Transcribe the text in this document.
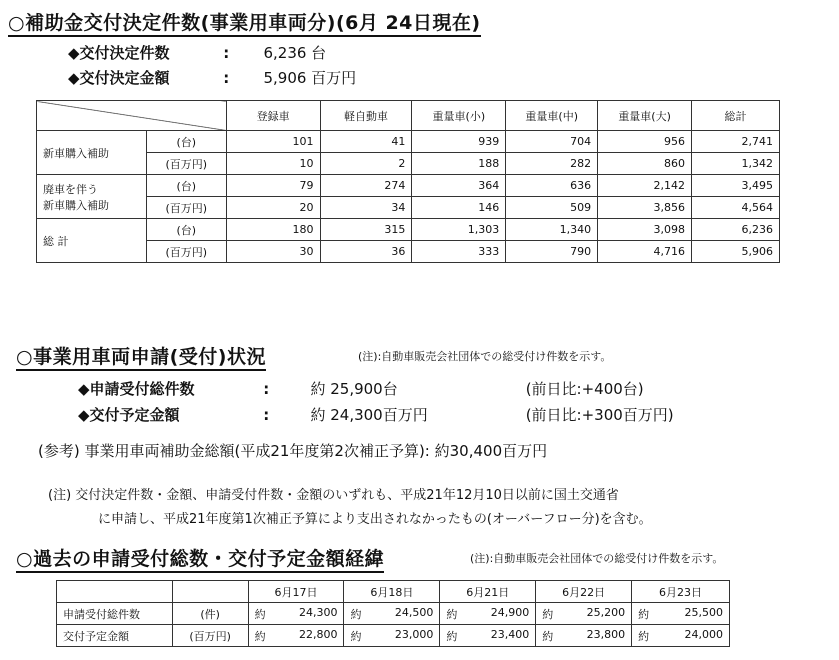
○補助金交付決定件数(事業用車両分)(6月 24日現在)
◆交付決定件数	: 6,236 台
◆交付決定金額	: 5,906 百万円
		登録車	軽自動車	重量車(小)	重量車(中)	重量車(大)	総計
新車購入補助	(台)	101	41	939	704	956	2,741
	(百万円)	10	2	188	282	860	1,342

廃車を伴う
新車購入補助	(台)	79	274	364	636	2,142	3,495
	(百万円)	20	34	146	509	3,856	4,564
総 計	(台)	180	315	1,303	1,340	3,098	6,236
	(百万円)	30	36	333	790	4,716	5,906
○事業用車両申請(受付)状況	(注):自動車販売会社団体での総受付け件数を示す。
◆申請受付総件数	:	約 25,900台	(前日比:+400台)
◆交付予定金額	:	約 24,300百万円	(前日比:+300百万円)
(参考) 事業用車両補助金総額(平成21年度第2次補正予算): 約30,400百万円
(注) 交付決定件数・金額、申請受付件数・金額のいずれも、平成21年12月10日以前に国土交通省
に申請し、平成21年度第1次補正予算により支出されなかったもの(オーバーフロー分)を含む。
○過去の申請受付総数・交付予定金額経緯	(注):自動車販売会社団体での総受付け件数を示す。
		6月17日	6月18日	6月21日	6月22日	6月23日
申請受付総件数	(件)	約 24,300	約 24,500	約 24,900	約 25,200	約 25,500

交付予定金額	(百万円)	約 22,800	約 23,000	約 23,400	約 23,800	約 24,000
